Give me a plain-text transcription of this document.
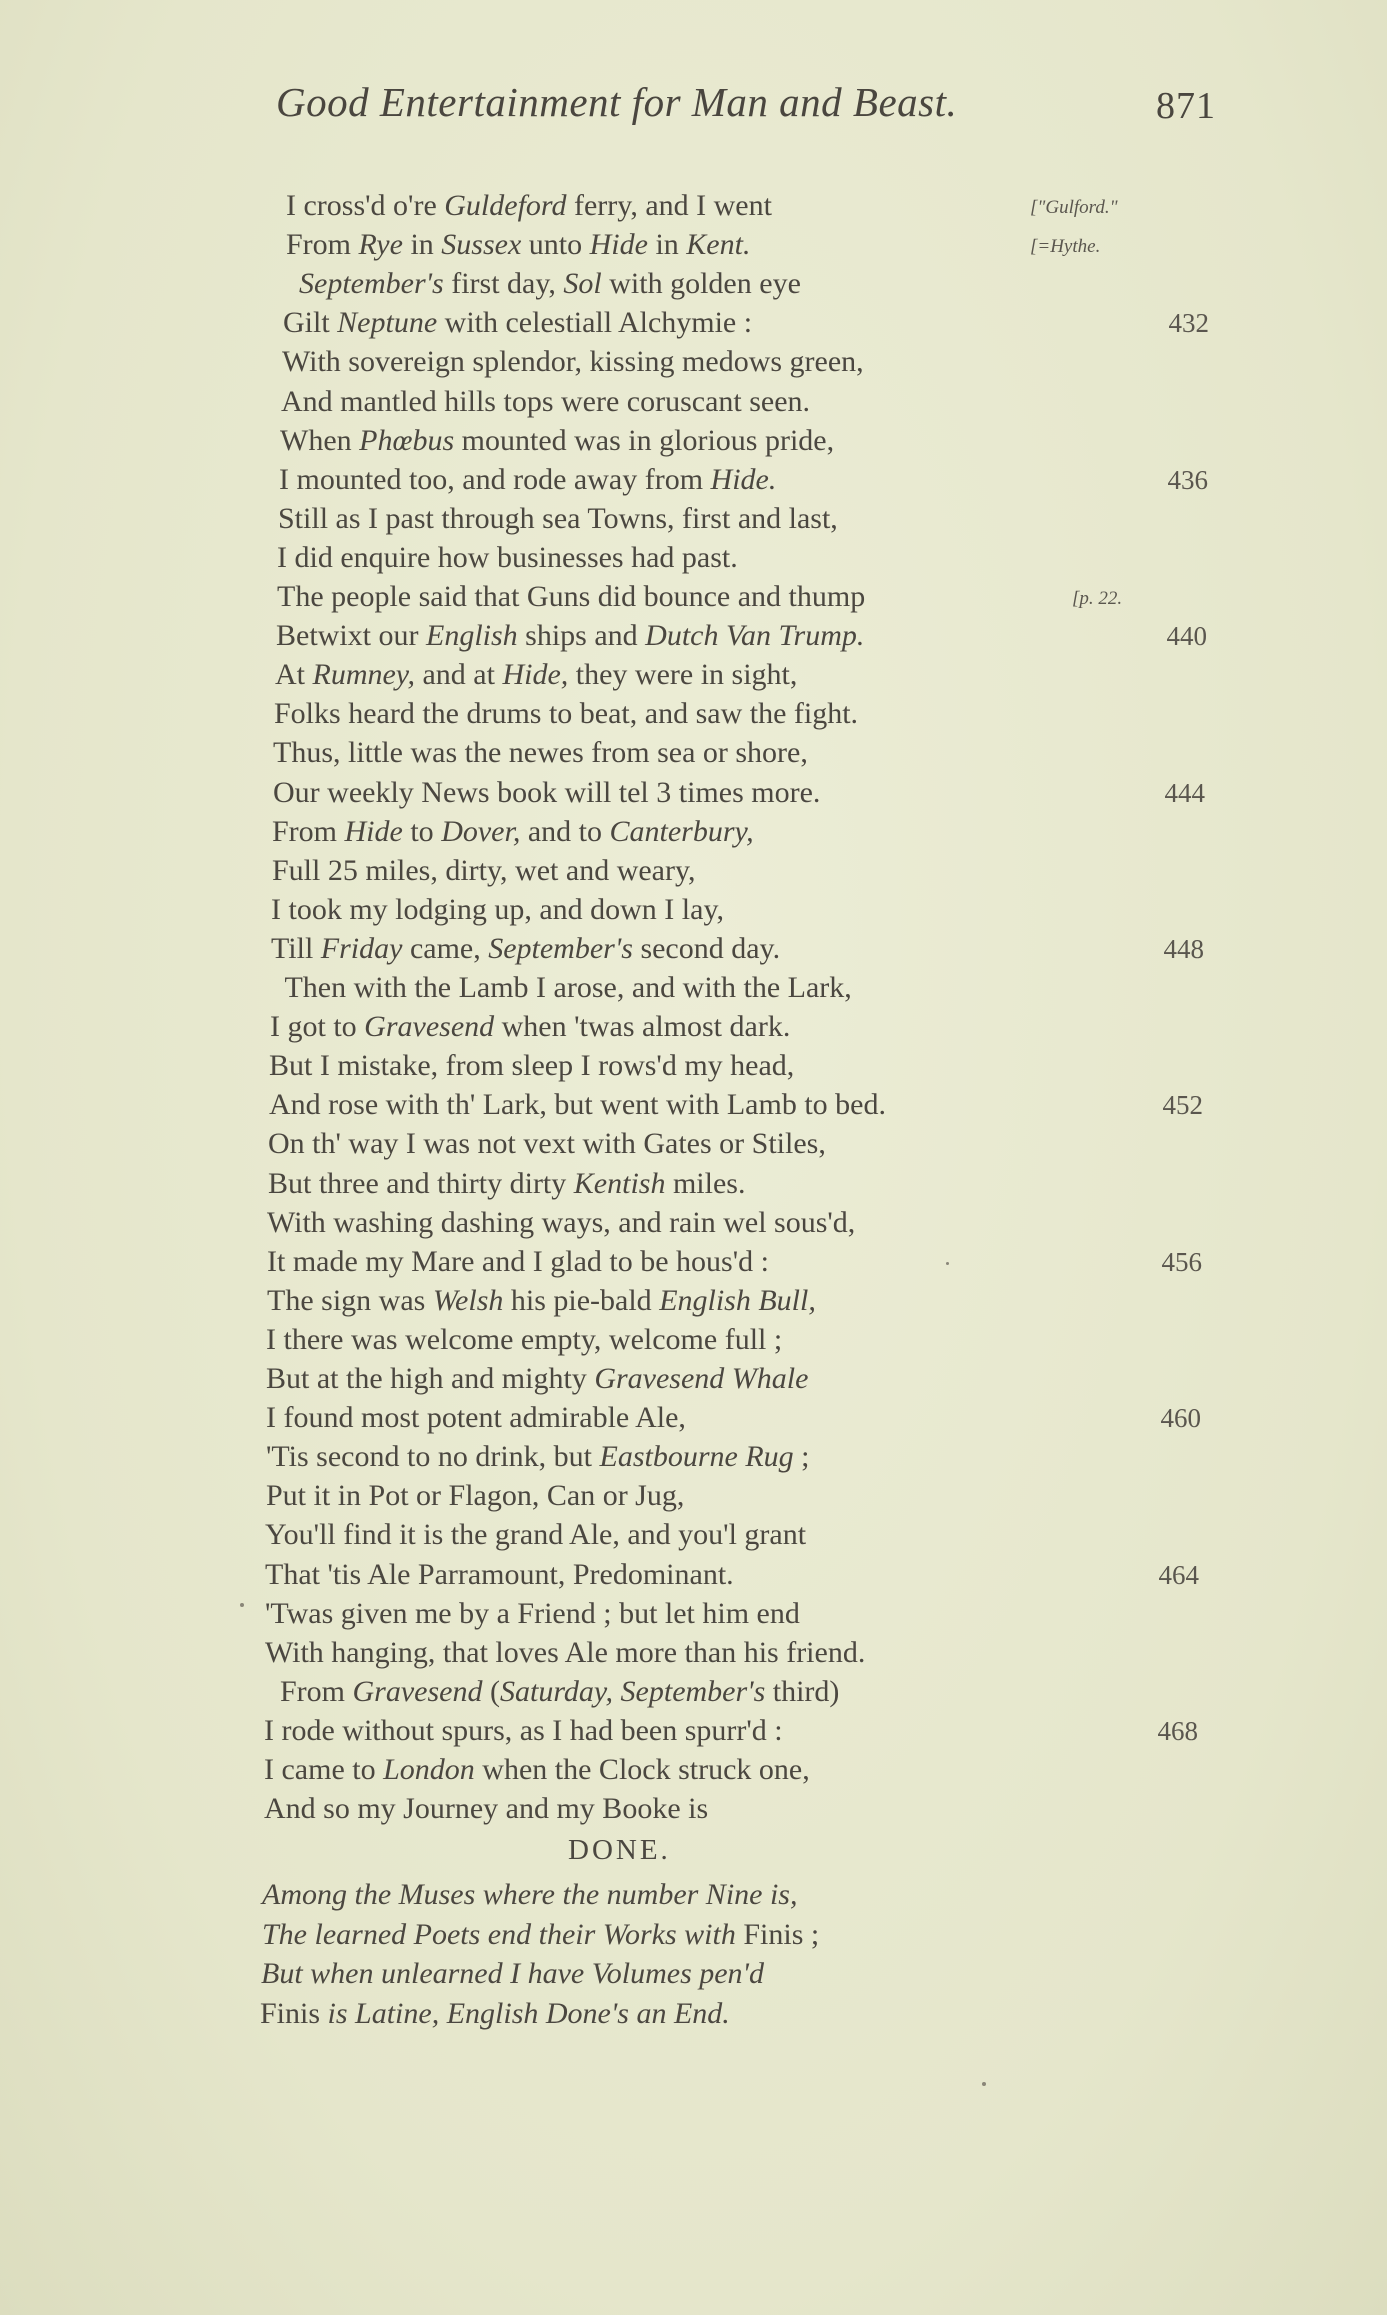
Good Entertainment for Man and Beast.	871
I cross'd o're Guldeford ferry, and I went	["Gulford."
From Rye in Sussex unto Hide in Kent.	[=Hythe.
September's first day, Sol with golden eye
Gilt Neptune with celestiall Alchymie :	432
With sovereign splendor, kissing medows green,
And mantled hills tops were coruscant seen.
When Phœbus mounted was in glorious pride,
I mounted too, and rode away from Hide.	436
Still as I past through sea Towns, first and last,
I did enquire how businesses had past.
The people said that Guns did bounce and thump	[p. 22.
Betwixt our English ships and Dutch Van Trump.	440
At Rumney, and at Hide, they were in sight,
Folks heard the drums to beat, and saw the fight.
Thus, little was the newes from sea or shore,
Our weekly News book will tel 3 times more.	444
From Hide to Dover, and to Canterbury,
Full 25 miles, dirty, wet and weary,
I took my lodging up, and down I lay,
Till Friday came, September's second day.	448
Then with the Lamb I arose, and with the Lark,
I got to Gravesend when 'twas almost dark.
But I mistake, from sleep I rows'd my head,
And rose with th' Lark, but went with Lamb to bed.	452
On th' way I was not vext with Gates or Stiles,
But three and thirty dirty Kentish miles.
With washing dashing ways, and rain wel sous'd,
It made my Mare and I glad to be hous'd :	456
The sign was Welsh his pie-bald English Bull,
I there was welcome empty, welcome full ;
But at the high and mighty Gravesend Whale
I found most potent admirable Ale,	460
'Tis second to no drink, but Eastbourne Rug ;
Put it in Pot or Flagon, Can or Jug,
You'll find it is the grand Ale, and you'l grant
That 'tis Ale Parramount, Predominant.	464
'Twas given me by a Friend ; but let him end
With hanging, that loves Ale more than his friend.
From Gravesend (Saturday, September's third)
I rode without spurs, as I had been spurr'd :	468
I came to London when the Clock struck one,
And so my Journey and my Booke is
Among the Muses where the number Nine is,
The learned Poets end their Works with Finis ;
But when unlearned I have Volumes pen'd
Finis is Latine, English Done's an End.
DONE.
